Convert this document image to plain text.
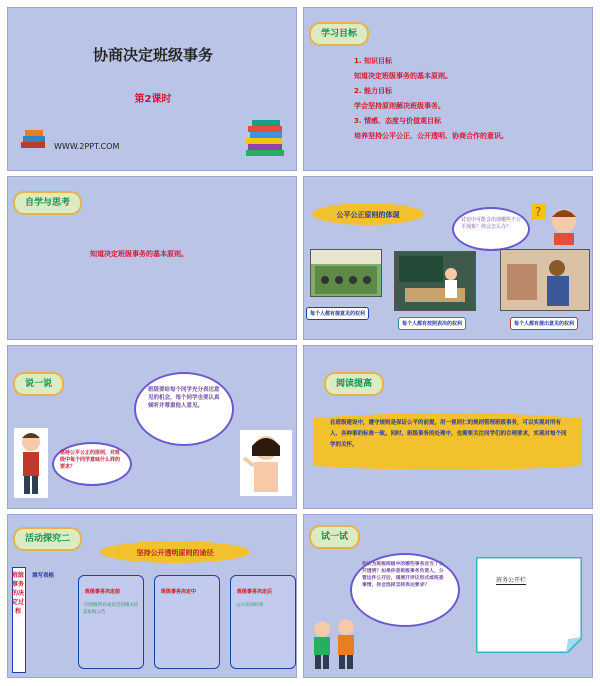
协商决定班级事务
第2课时
WWW.2PPT.COM
学习目标
1. 知识目标
知道决定班级事务的基本原则。
2. 能力目标
学会坚持原则解决班级事务。
3. 情感、态度与价值观目标
培养坚持公平公正、公开透明、协商合作的意识。
自学与思考
知道决定班级事务的基本原则。
公平公正原则的体现
讨论中可能会出现哪些不公平现象？你会怎么办？
?
每个人都有提意见的权利
每个人都有按照表决的权利	每个人都有提出意见的权利
说一说
坚持公平公正的原则，对班级中每个同学意味什么样的要求？
班级要给每个同学充分表达意见的机会，每个同学也要认真倾听并尊重他人意见。
阅读提高
在班级建设中，遵守规则是保证公平的前提。用一视同仁的规则管理班级事务，可以实现对所有人、各种事的标准一致。同时，班级事务的处理中，也需要关注同学们的合理要求，实现对每个同学的关怀。
活动探究二
坚持公开透明原则的途径
班级事务的决定过程
填写表格
班级事务决定前
·向班级所有成员告知相关信息张贴公告
班级事务决定中
·
班级事务决定后
·公示表决结果
试一试
你认为班级班级中的哪些事务应当了公开透明？如果你是班级事务负责人，分管这件公开后，请展开评议形式或班委事情，你会选择怎样表达要求？
班务公开栏
